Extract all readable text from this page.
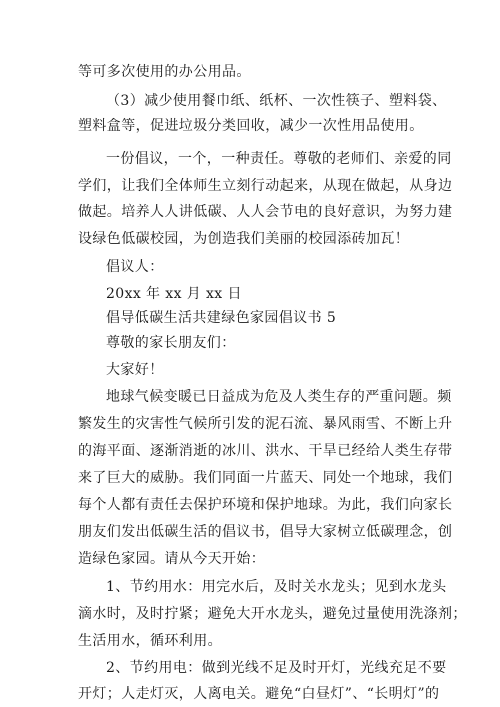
等可多次使用的办公用品。
（3）减少使用餐巾纸、纸杯、一次性筷子、塑料袋、
塑料盒等，促进垃圾分类回收，减少一次性用品使用。
一份倡议，一个，一种责任。尊敬的老师们、亲爱的同
学们，让我们全体师生立刻行动起来，从现在做起，从身边
做起。培养人人讲低碳、人人会节电的良好意识，为努力建
设绿色低碳校园，为创造我们美丽的校园添砖加瓦！
倡议人：
20xx 年 xx 月 xx 日
倡导低碳生活共建绿色家园倡议书 5
尊敬的家长朋友们：
大家好！
地球气候变暖已日益成为危及人类生存的严重问题。频
繁发生的灾害性气候所引发的泥石流、暴风雨雪、不断上升
的海平面、逐渐消逝的冰川、洪水、干旱已经给人类生存带
来了巨大的威胁。我们同面一片蓝天、同处一个地球，我们
每个人都有责任去保护环境和保护地球。为此，我们向家长
朋友们发出低碳生活的倡议书，倡导大家树立低碳理念，创
造绿色家园。请从今天开始：
1、节约用水：用完水后，及时关水龙头；见到水龙头
滴水时，及时拧紧；避免大开水龙头，避免过量使用洗涤剂；
生活用水，循环利用。
2、节约用电：做到光线不足及时开灯，光线充足不要
开灯；人走灯灭，人离电关。避免“白昼灯”、“长明灯”的
